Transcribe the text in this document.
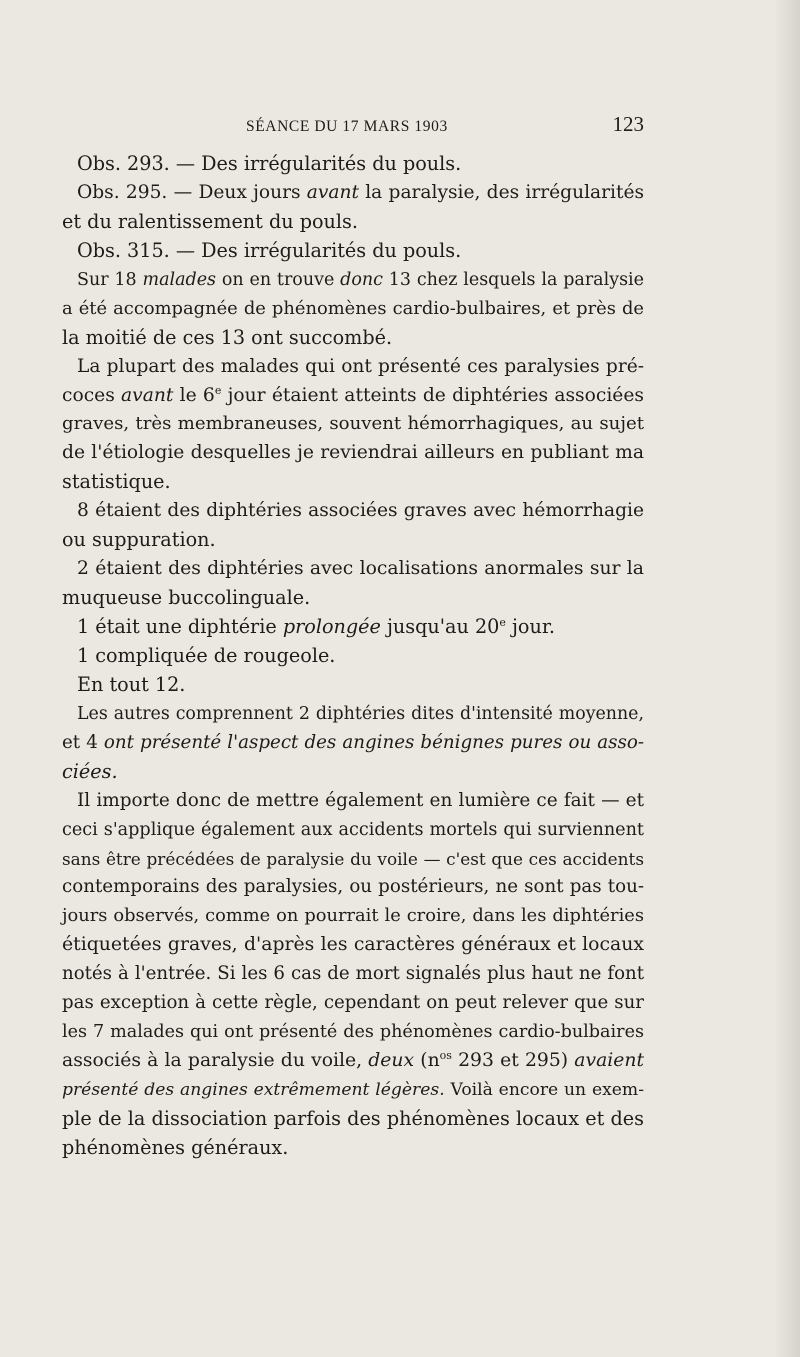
SÉANCE DU 17 MARS 1903	123
Obs. 293. — Des irrégularités du pouls.
Obs. 295. — Deux jours avant la paralysie, des irrégularités
et du ralentissement du pouls.
Obs. 315. — Des irrégularités du pouls.
Sur 18 malades on en trouve donc 13 chez lesquels la paralysie
a été accompagnée de phénomènes cardio-bulbaires, et près de
la moitié de ces 13 ont succombé.
La plupart des malades qui ont présenté ces paralysies pré-
coces avant le 6e jour étaient atteints de diphtéries associées
graves, très membraneuses, souvent hémorrhagiques, au sujet
de l'étiologie desquelles je reviendrai ailleurs en publiant ma
statistique.
8 étaient des diphtéries associées graves avec hémorrhagie
ou suppuration.
2 étaient des diphtéries avec localisations anormales sur la
muqueuse buccolinguale.
1 était une diphtérie prolongée jusqu'au 20e jour.
1 compliquée de rougeole.
En tout 12.
Les autres comprennent 2 diphtéries dites d'intensité moyenne,
et 4 ont présenté l'aspect des angines bénignes pures ou asso-
ciées.
Il importe donc de mettre également en lumière ce fait — et
ceci s'applique également aux accidents mortels qui surviennent
sans être précédées de paralysie du voile — c'est que ces accidents
contemporains des paralysies, ou postérieurs, ne sont pas tou-
jours observés, comme on pourrait le croire, dans les diphtéries
étiquetées graves, d'après les caractères généraux et locaux
notés à l'entrée. Si les 6 cas de mort signalés plus haut ne font
pas exception à cette règle, cependant on peut relever que sur
les 7 malades qui ont présenté des phénomènes cardio-bulbaires
associés à la paralysie du voile, deux ($n^{os}$ 293 et 295) avaient
présenté des angines extrêmement légères. Voilà encore un exem-
ple de la dissociation parfois des phénomènes locaux et des
phénomènes généraux.
